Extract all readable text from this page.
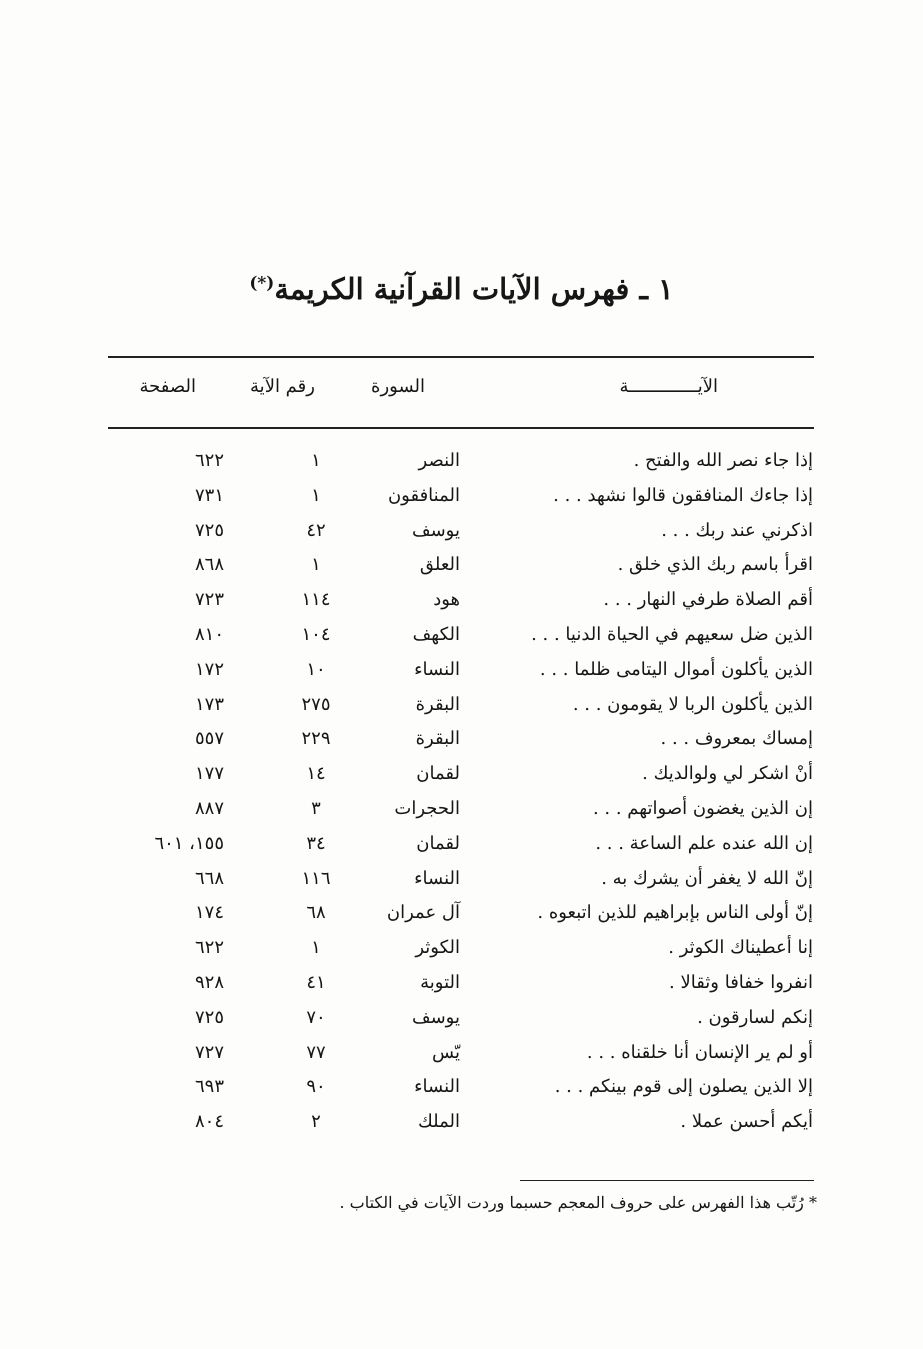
١ ـ فهرس الآيات القرآنية الكريمة(*)
الآيـــــــــــــة
السورة
رقم الآية
الصفحة
إذا جاء نصر الله والفتح .
النصر
١
٦٢٢
إذا جاءك المنافقون قالوا نشهد . . .
المنافقون
١
٧٣١
اذكرني عند ربك . . .
يوسف
٤٢
٧٢٥
اقرأ باسم ربك الذي خلق .
العلق
١
٨٦٨
أقم الصلاة طرفي النهار . . .
هود
١١٤
٧٢٣
الذين ضل سعيهم في الحياة الدنيا . . .
الكهف
١٠٤
٨١٠
الذين يأكلون أموال اليتامى ظلما . . .
النساء
١٠
١٧٢
الذين يأكلون الربا لا يقومون . . .
البقرة
٢٧٥
١٧٣
إمساك بمعروف . . .
البقرة
٢٢٩
٥٥٧
أنْ اشكر لي ولوالديك .
لقمان
١٤
١٧٧
إن الذين يغضون أصواتهم . . .
الحجرات
٣
٨٨٧
إن الله عنده علم الساعة . . .
لقمان
٣٤
١٥٥، ٦٠١
إنّ الله لا يغفر أن يشرك به .
النساء
١١٦
٦٦٨
إنّ أولى الناس بإبراهيم للذين اتبعوه .
آل عمران
٦٨
١٧٤
إنا أعطيناك الكوثر .
الكوثر
١
٦٢٢
انفروا خفافا وثقالا .
التوبة
٤١
٩٢٨
إنكم لسارقون .
يوسف
٧٠
٧٢٥
أو لم ير الإنسان أنا خلقناه . . .
يّس
٧٧
٧٢٧
إلا الذين يصلون إلى قوم بينكم . . .
النساء
٩٠
٦٩٣
أيكم أحسن عملا .
الملك
٢
٨٠٤
* رُتّب هذا الفهرس على حروف المعجم حسبما وردت الآيات في الكتاب .
